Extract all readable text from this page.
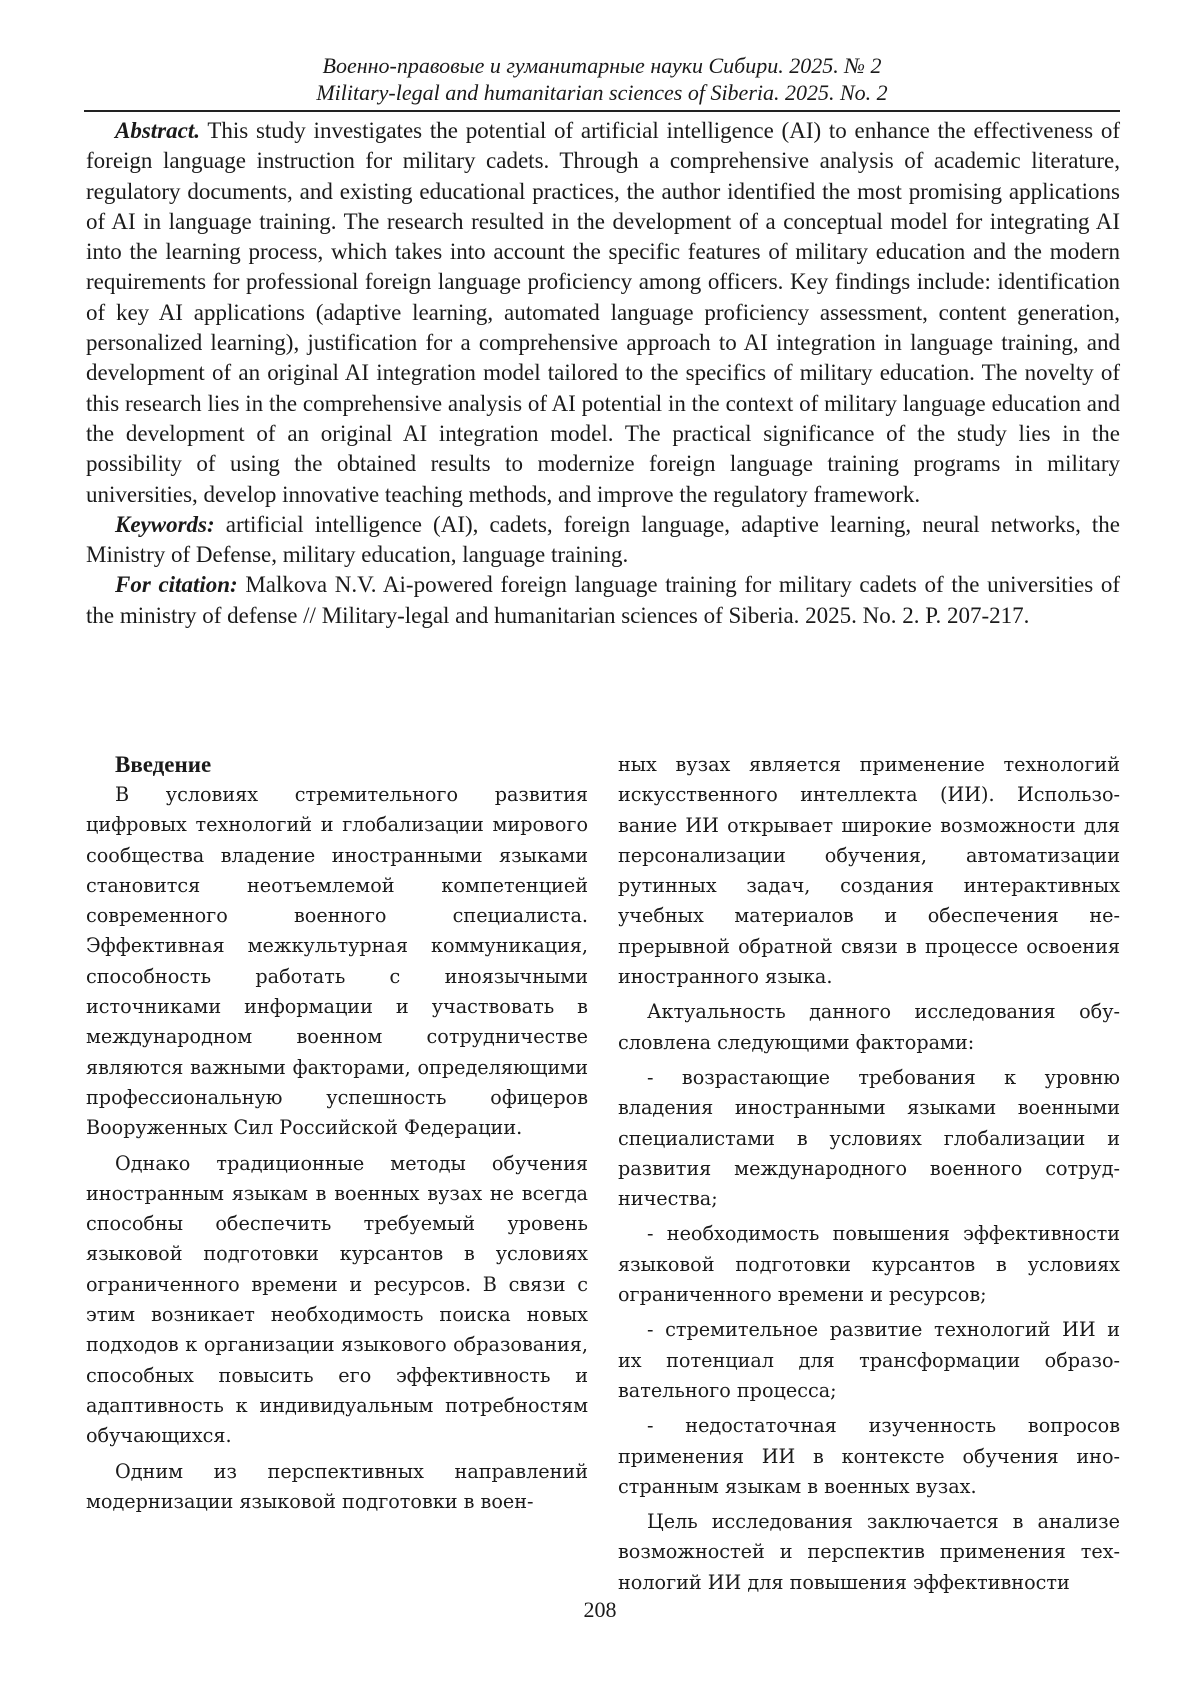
Военно-правовые и гуманитарные науки Сибири. 2025. № 2
Military-legal and humanitarian sciences of Siberia. 2025. No. 2

Abstract. This study investigates the potential of artificial intelligence (AI) to enhance the effectiveness of foreign language instruction for military cadets. Through a comprehensive analysis of academic literature, regulatory documents, and existing educational practices, the author identified the most promising applications of AI in language training. The research resulted in the development of a conceptual model for integrating AI into the learning process, which takes into account the specific features of military education and the modern requirements for professional foreign language proficiency among officers. Key findings include: identification of key AI applications (adaptive learning, automated language proficiency assessment, content generation, personalized learning), justification for a comprehensive approach to AI integration in language training, and development of an original AI integration model tailored to the specifics of military education. The novelty of this research lies in the comprehensive analysis of AI potential in the context of military language education and the development of an original AI integration model. The practical significance of the study lies in the possibility of using the obtained results to modernize foreign language training programs in military universities, develop innovative teaching methods, and improve the regulatory framework.

Keywords: artificial intelligence (AI), cadets, foreign language, adaptive learning, neural networks, the Ministry of Defense, military education, language training.

For citation: Malkova N.V. Ai-powered foreign language training for military cadets of the universities of the ministry of defense // Military-legal and humanitarian sciences of Siberia. 2025. No. 2. P. 207-217.

Введение

В условиях стремительного развития цифровых технологий и глобализации мирового сообщества владение иностранными языками становится неотъемлемой компетенцией современного военного специалиста. Эффективная межкультурная коммуникация, способность работать с иноязычными источниками информации и участвовать в международном военном сотрудничестве являются важными факторами, определяющими профессиональную успешность офицеров Вооруженных Сил Российской Федерации.

Однако традиционные методы обучения иностранным языкам в военных вузах не всегда способны обеспечить требуемый уровень языковой подготовки курсантов в условиях ограниченного времени и ресурсов. В связи с этим возникает необходимость поиска новых подходов к организации языкового образования, способных повысить его эффективность и адаптивность к индивидуальным потребностям обучающихся.

Одним из перспективных направлений модернизации языковой подготовки в воен-

ных вузах является применение технологий искусственного интеллекта (ИИ). Использование ИИ открывает широкие возможности для персонализации обучения, автоматизации рутинных задач, создания интерактивных учебных материалов и обеспечения непрерывной обратной связи в процессе освоения иностранного языка.

Актуальность данного исследования обусловлена следующими факторами:

- возрастающие требования к уровню владения иностранными языками военными специалистами в условиях глобализации и развития международного военного сотрудничества;

- необходимость повышения эффективности языковой подготовки курсантов в условиях ограниченного времени и ресурсов;

- стремительное развитие технологий ИИ и их потенциал для трансформации образовательного процесса;

- недостаточная изученность вопросов применения ИИ в контексте обучения иностранным языкам в военных вузах.

Цель исследования заключается в анализе возможностей и перспектив применения технологий ИИ для повышения эффективности

208
